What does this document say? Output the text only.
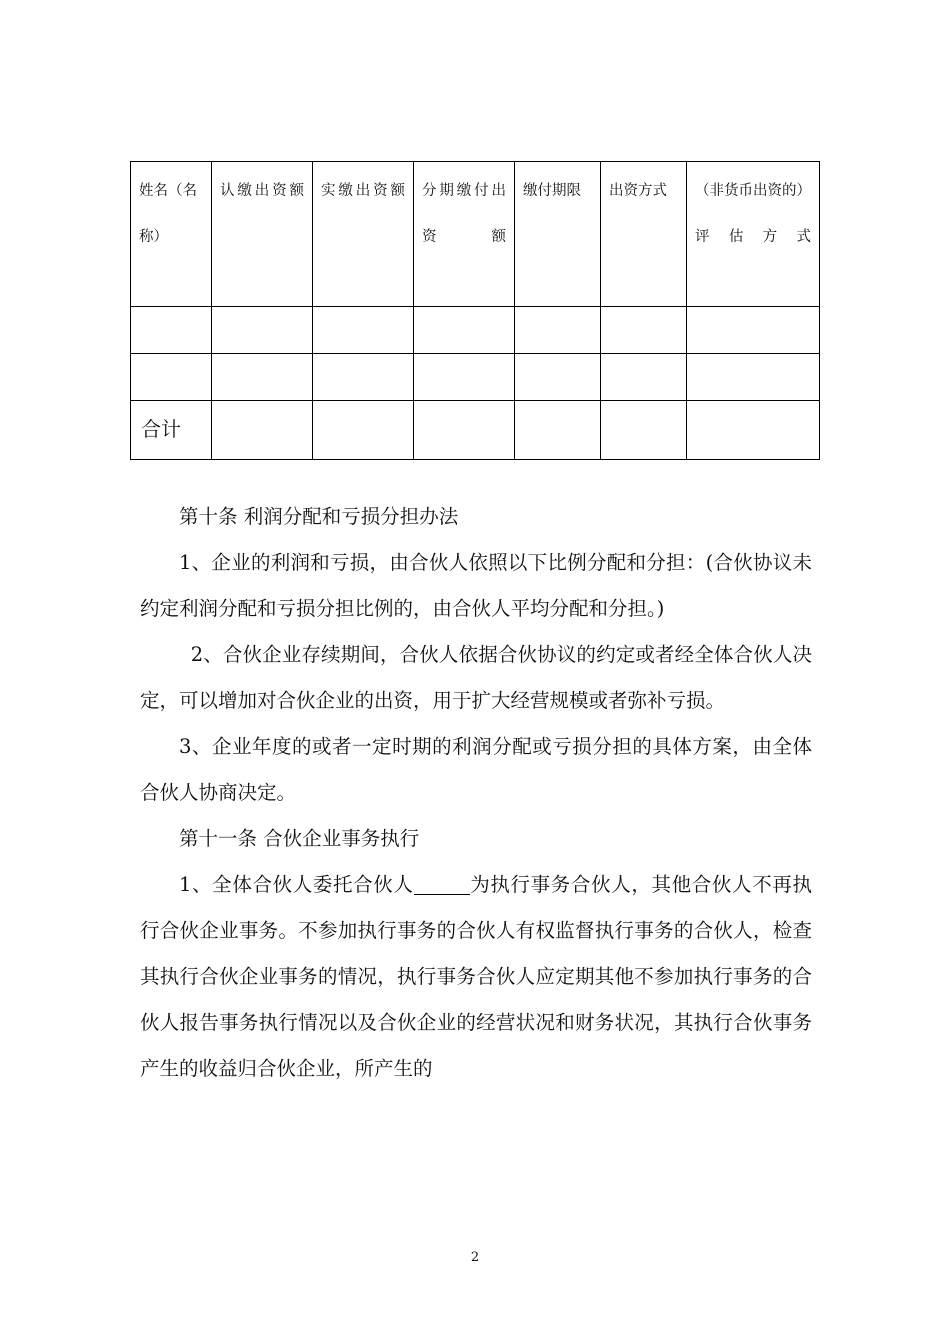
姓名（名称）	认缴出资额	实缴出资额	分期缴付出资额	缴付期限	出资方式	（非货币出资的）评估方式

合计						

第十条 利润分配和亏损分担办法

1、企业的利润和亏损，由合伙人依照以下比例分配和分担：(合伙协议未约定利润分配和亏损分担比例的，由合伙人平均分配和分担。)

2、合伙企业存续期间，合伙人依据合伙协议的约定或者经全体合伙人决定，可以增加对合伙企业的出资，用于扩大经营规模或者弥补亏损。

3、企业年度的或者一定时期的利润分配或亏损分担的具体方案，由全体合伙人协商决定。

第十一条 合伙企业事务执行

1、全体合伙人委托合伙人	为执行事务合伙人，其他合伙人不再执行合伙企业事务。不参加执行事务的合伙人有权监督执行事务的合伙人，检查其执行合伙企业事务的情况，执行事务合伙人应定期其他不参加执行事务的合伙人报告事务执行情况以及合伙企业的经营状况和财务状况，其执行合伙事务产生的收益归合伙企业，所产生的

2
